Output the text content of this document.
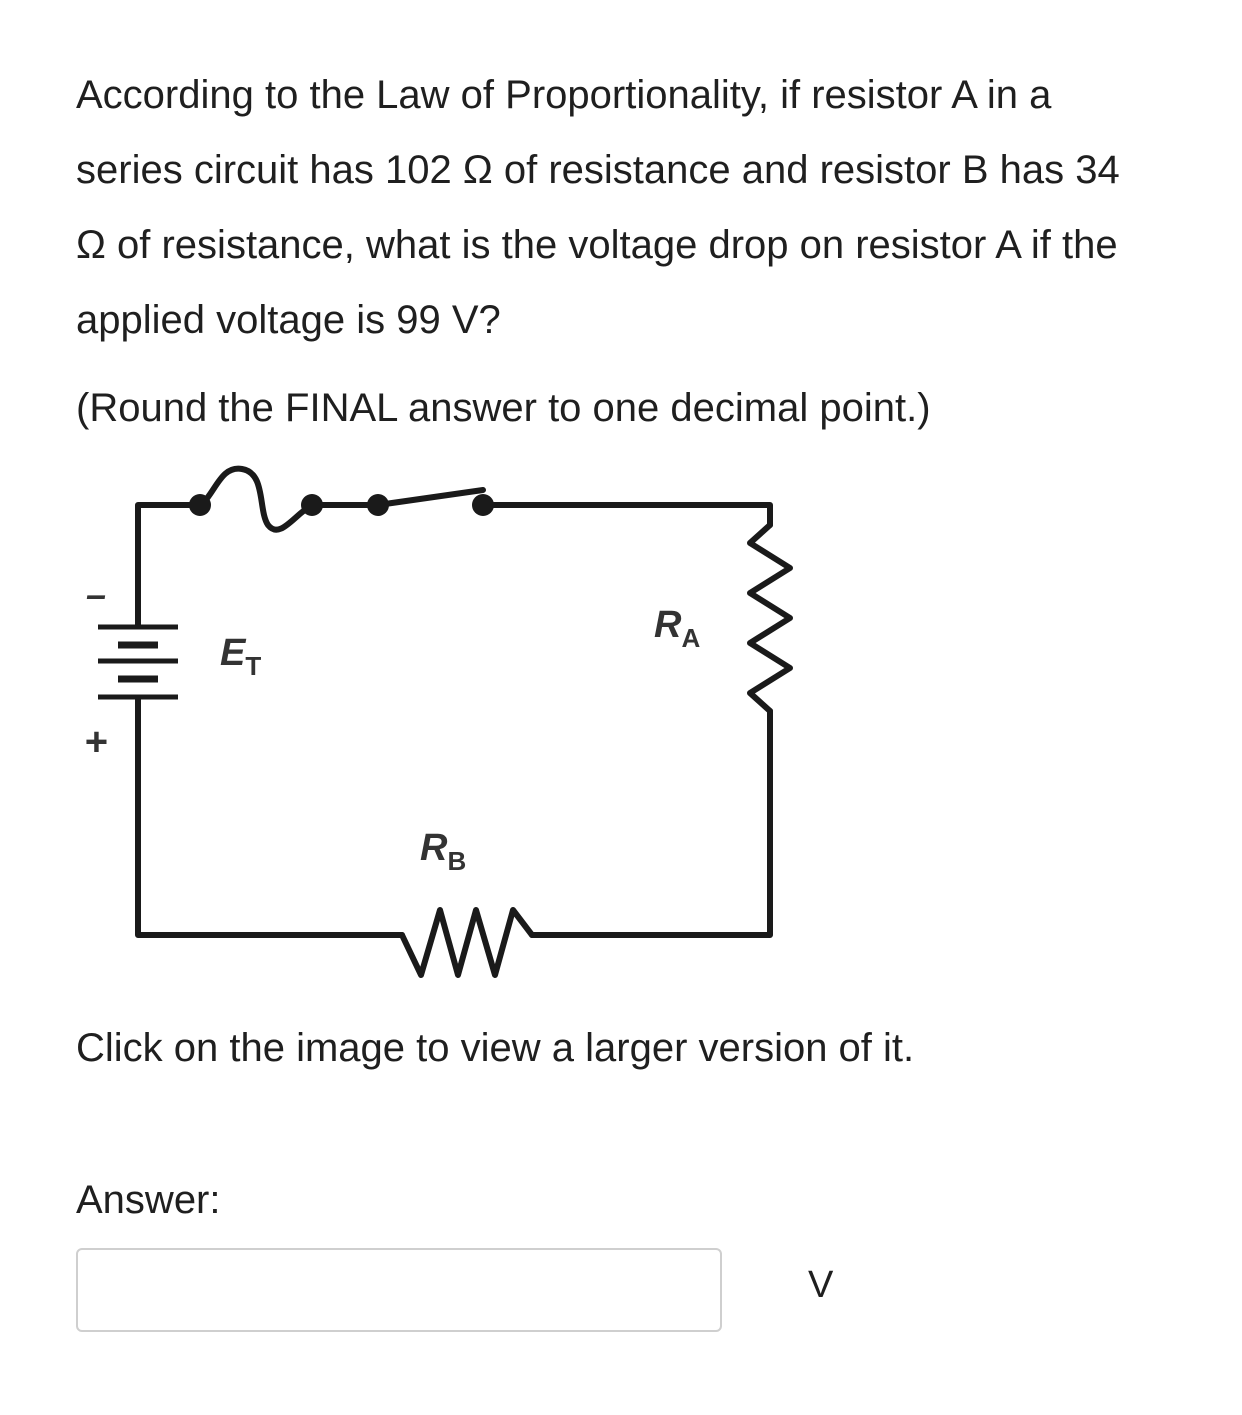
According to the Law of Proportionality, if resistor A in a series circuit has 102 Ω of resistance and resistor B has 34 Ω of resistance, what is the voltage drop on resistor A if the applied voltage is 99 V?

(Round the FINAL answer to one decimal point.)

–
+
ET
RA
RB

Click on the image to view a larger version of it.

Answer:

V
